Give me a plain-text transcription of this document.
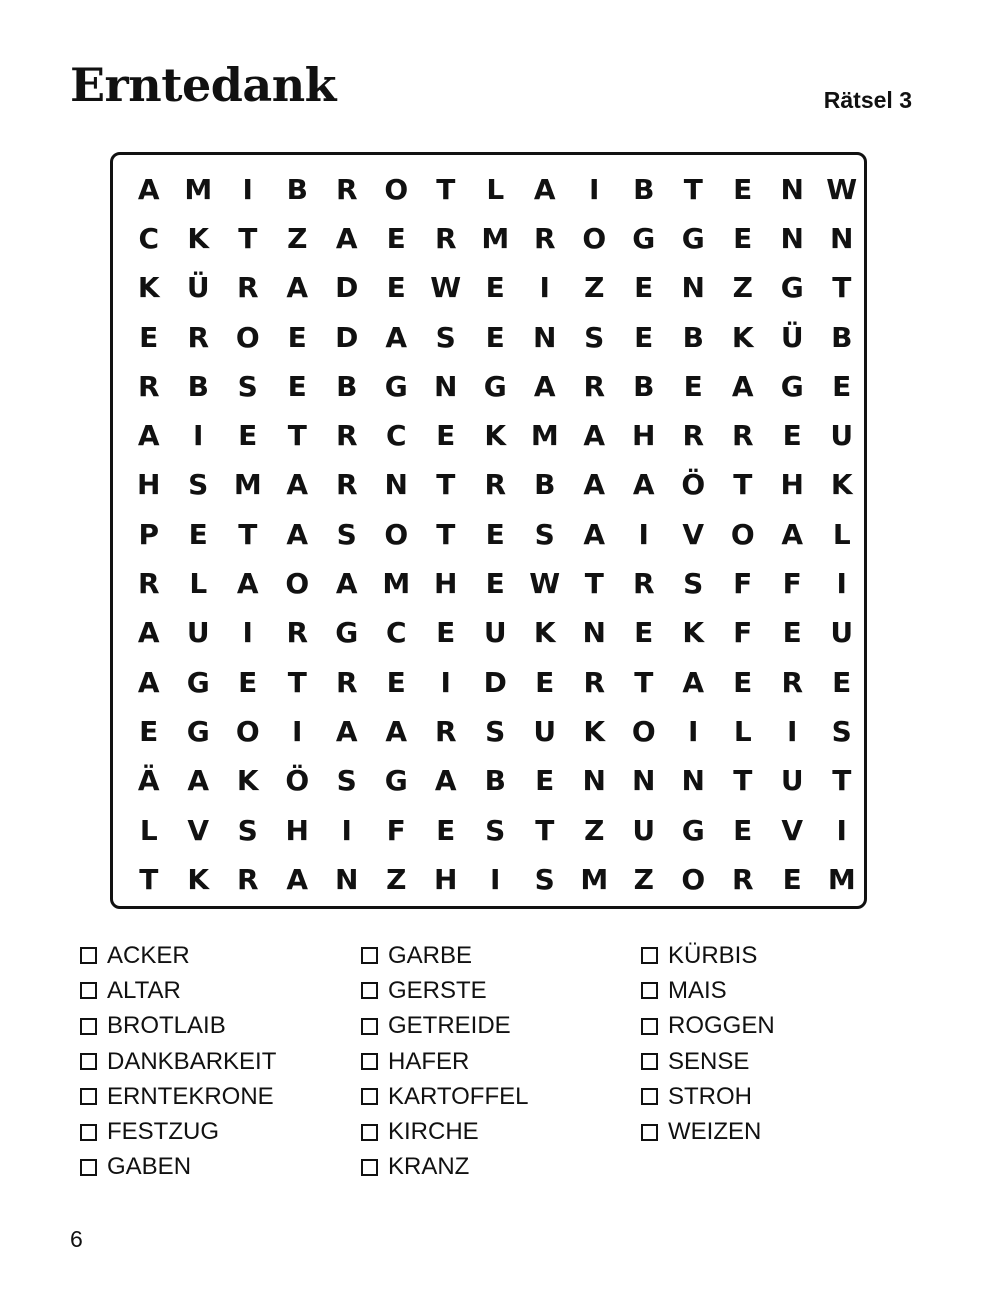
Erntedank	Rätsel 3
A M	I	B	R O	T	L	A	I	B	T	E	N W
C	K	T	Z	A	E	R M R O G G	E	N N
K Ü R A D	E W E	I	Z	E	N Z G	T
E	R O	E	D A	S	E	N S	E	B K Ü B
R	B	S	E	B G N G A R	B	E	A G	E
A	I	E	T	R	C	E	K M A H R R	E	U
H S M A R N	T	R	B A A Ö	T	H K
P	E	T	A	S O	T	E	S	A	I	V O A	L
R	L	A O A M H	E W T	R	S	F	F	I
A U	I	R G C	E	U K N	E	K	F	E	U
A G	E	T	R	E	I	D	E	R	T	A	E	R	E
E	G O	I	A A R	S	U K O	I	L	I	S
Ä A K Ö S G A	B	E	N N N	T	U	T
L	V	S H	I	F	E	S	T	Z U G	E	V	I
T	K R A N Z H	I	S M Z O R	E M
ACKER
ALTAR
BROTLAIB
DANKBARKEIT
ERNTEKRONE
FESTZUG
GABEN
GARBE
GERSTE
GETREIDE
HAFER
KARTOFFEL
KIRCHE
KRANZ
KÜRBIS
MAIS
ROGGEN
SENSE
STROH
WEIZEN
6
